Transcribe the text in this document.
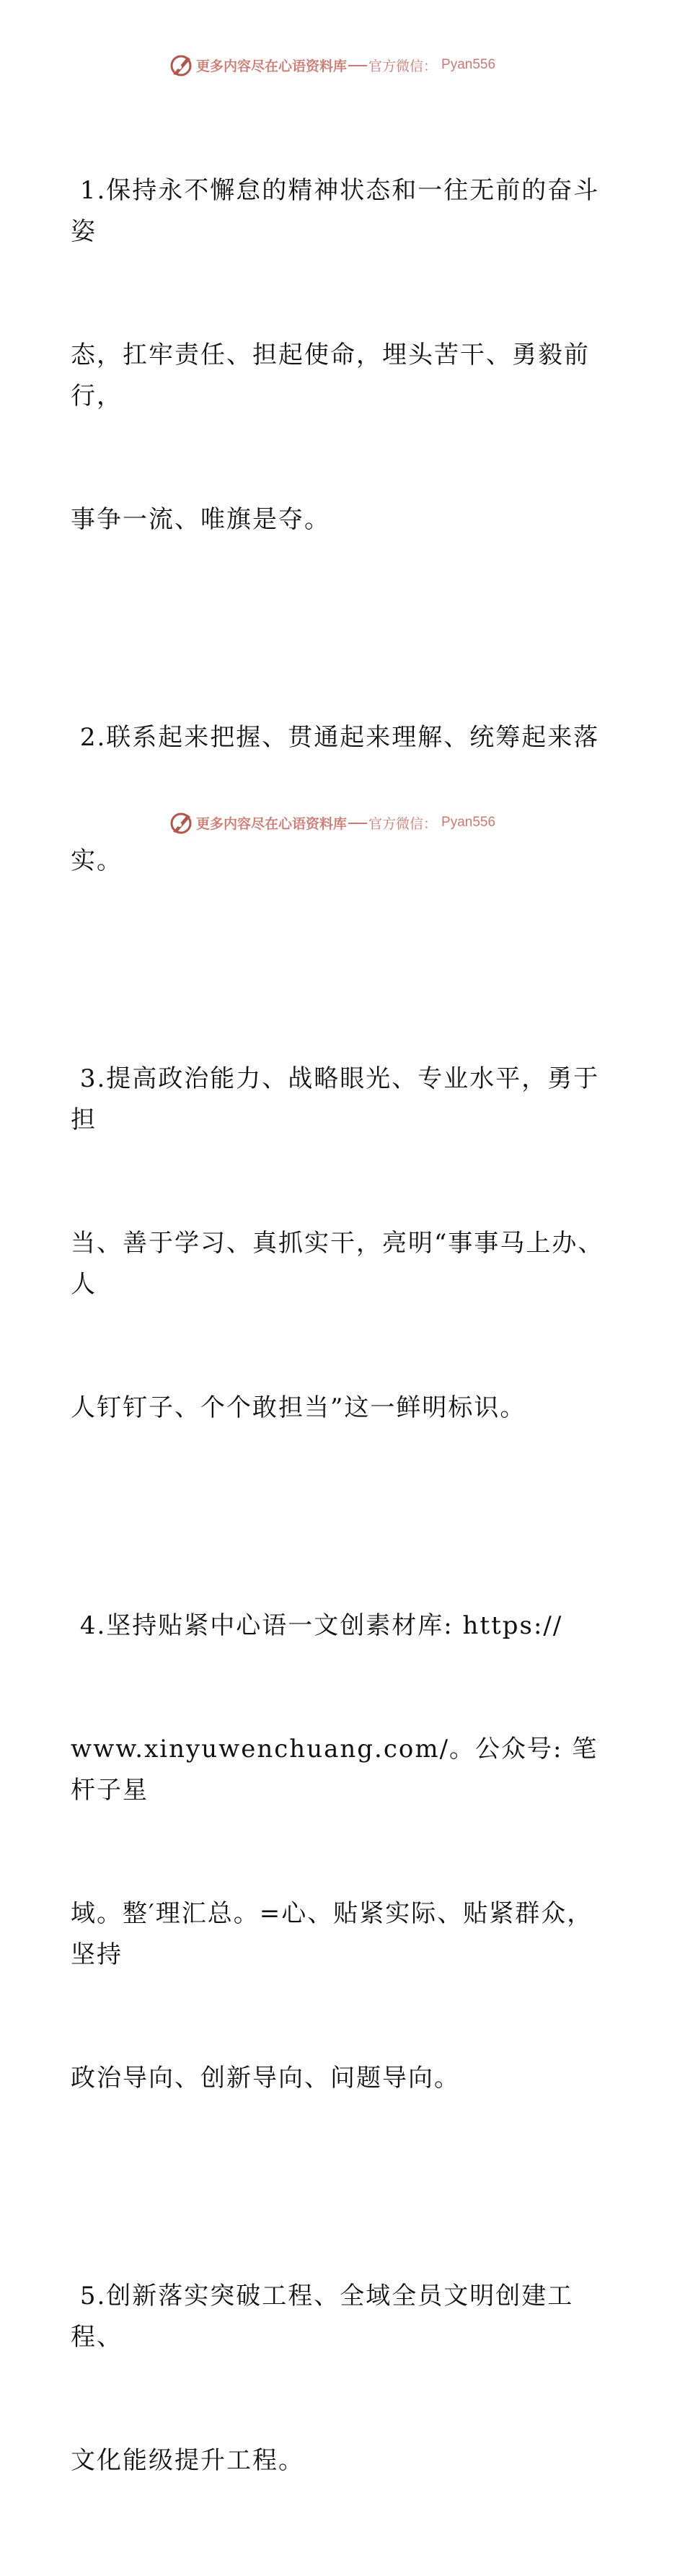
更多内容尽在心语资料库 官方微信： Pyan556

1.保持永不懈怠的精神状态和一往无前的奋斗姿

态，扛牢责任、担起使命，埋头苦干、勇毅前行，

事争一流、唯旗是夺。

2.联系起来把握、贯通起来理解、统筹起来落

实。

3.提高政治能力、战略眼光、专业水平，勇于担

当、善于学习、真抓实干，亮明“事事马上办、人

人钉钉子、个个敢担当”这一鲜明标识。

4.坚持贴紧中心语一文创素材库: https://

www.xinyuwenchuang.com/。公众号: 笔杆子星

域。整′理汇总。=心、贴紧实际、贴紧群众，坚持

政治导向、创新导向、问题导向。

5.创新落实突破工程、全域全员文明创建工程、

文化能级提升工程。

更多内容尽在心语资料库 官方微信： Pyan556
